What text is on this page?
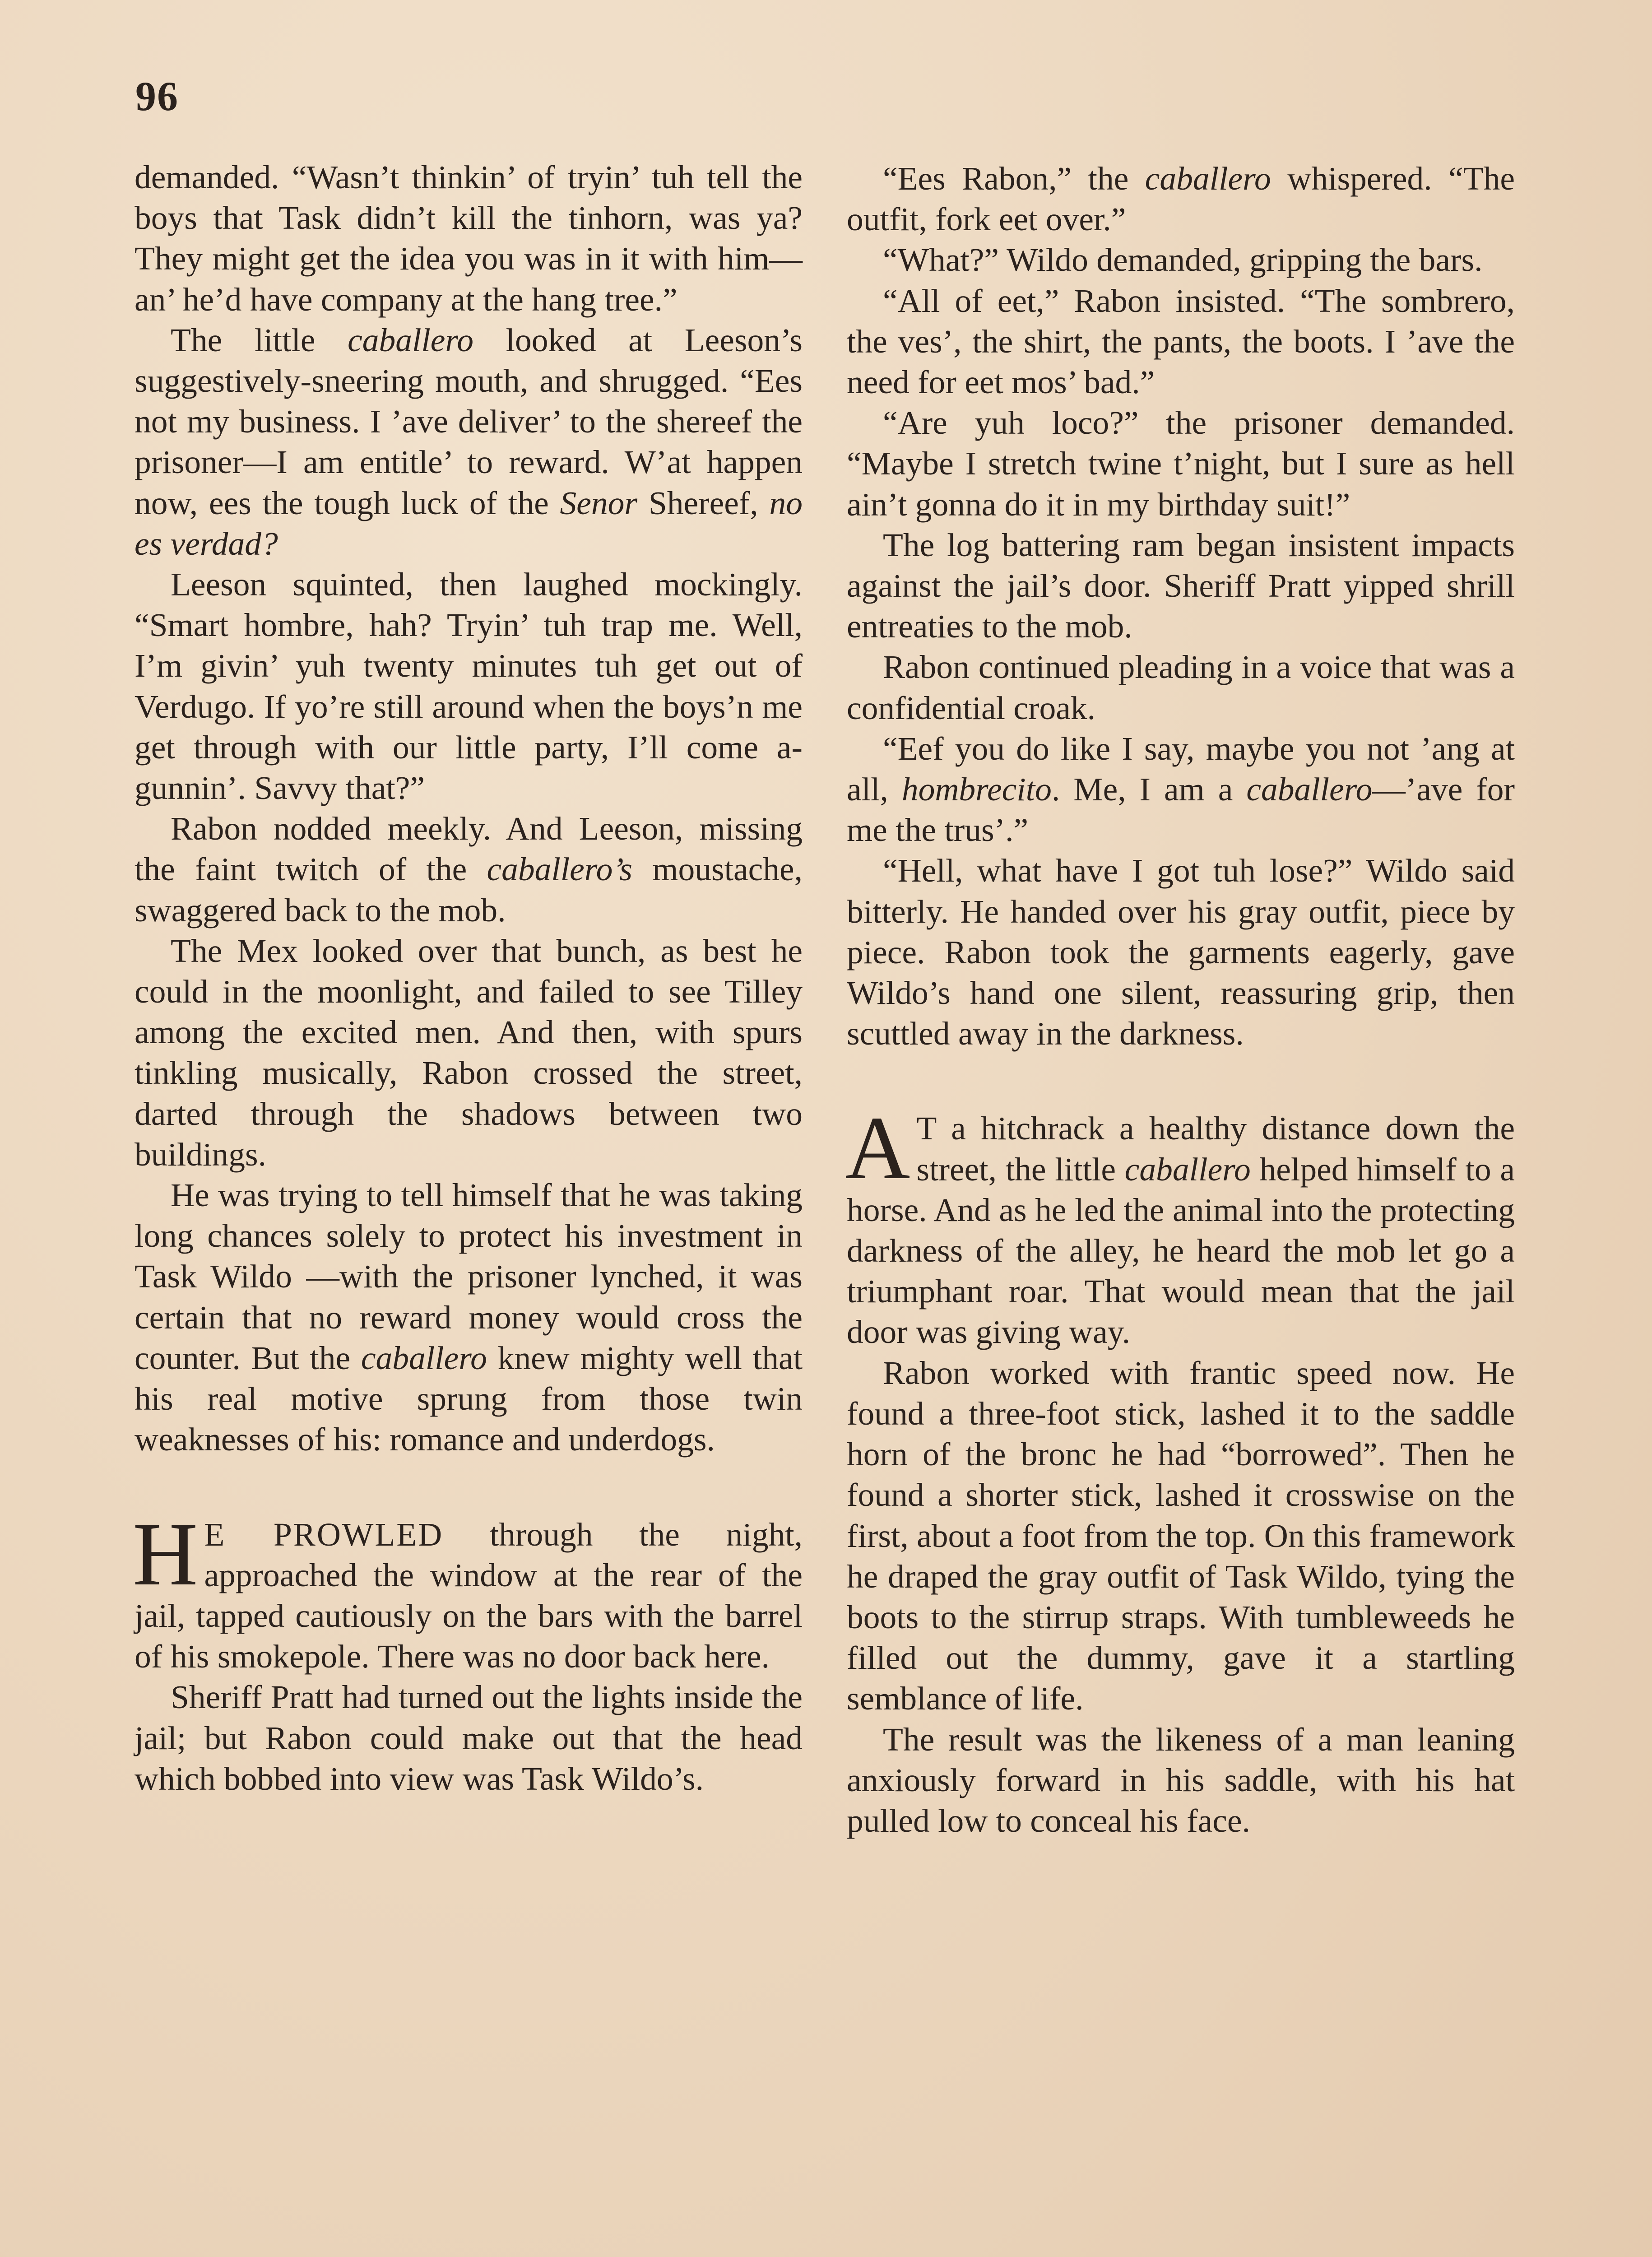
96

demanded. “Wasn’t thinkin’ of tryin’ tuh tell the boys that Task didn’t kill the tinhorn, was ya? They might get the idea you was in it with him—an’ he’d have company at the hang tree.”

The little caballero looked at Leeson’s suggestively-sneering mouth, and shrugged. “Ees not my business. I ’ave deliver’ to the shereef the prisoner—I am entitle’ to reward. W’at happen now, ees the tough luck of the Senor Shereef, no es verdad?

Leeson squinted, then laughed mockingly. “Smart hombre, hah? Tryin’ tuh trap me. Well, I’m givin’ yuh twenty minutes tuh get out of Verdugo. If yo’re still around when the boys’n me get through with our little party, I’ll come a-gunnin’. Savvy that?”

Rabon nodded meekly. And Leeson, missing the faint twitch of the caballero’s moustache, swaggered back to the mob.

The Mex looked over that bunch, as best he could in the moonlight, and failed to see Tilley among the excited men. And then, with spurs tinkling musically, Rabon crossed the street, darted through the shadows between two buildings.

He was trying to tell himself that he was taking long chances solely to protect his investment in Task Wildo —with the prisoner lynched, it was certain that no reward money would cross the counter. But the caballero knew mighty well that his real motive sprung from those twin weaknesses of his: romance and underdogs.

H E PROWLED through the night, approached the window at the rear of the jail, tapped cautiously on the bars with the barrel of his smokepole. There was no door back here.

Sheriff Pratt had turned out the lights inside the jail; but Rabon could make out that the head which bobbed into view was Task Wildo’s.

“Ees Rabon,” the caballero whispered. “The outfit, fork eet over.”

“What?” Wildo demanded, gripping the bars.

“All of eet,” Rabon insisted. “The sombrero, the ves’, the shirt, the pants, the boots. I ’ave the need for eet mos’ bad.”

“Are yuh loco?” the prisoner demanded. “Maybe I stretch twine t’night, but I sure as hell ain’t gonna do it in my birthday suit!”

The log battering ram began insistent impacts against the jail’s door. Sheriff Pratt yipped shrill entreaties to the mob.

Rabon continued pleading in a voice that was a confidential croak.

“Eef you do like I say, maybe you not ’ang at all, hombrecito. Me, I am a caballero—’ave for me the trus’.”

“Hell, what have I got tuh lose?” Wildo said bitterly. He handed over his gray outfit, piece by piece. Rabon took the garments eagerly, gave Wildo’s hand one silent, reassuring grip, then scuttled away in the darkness.

A T a hitchrack a healthy distance down the street, the little caballero helped himself to a horse. And as he led the animal into the protecting darkness of the alley, he heard the mob let go a triumphant roar. That would mean that the jail door was giving way.

Rabon worked with frantic speed now. He found a three-foot stick, lashed it to the saddle horn of the bronc he had “borrowed”. Then he found a shorter stick, lashed it crosswise on the first, about a foot from the top. On this framework he draped the gray outfit of Task Wildo, tying the boots to the stirrup straps. With tumbleweeds he filled out the dummy, gave it a startling semblance of life.

The result was the likeness of a man leaning anxiously forward in his saddle, with his hat pulled low to conceal his face.
